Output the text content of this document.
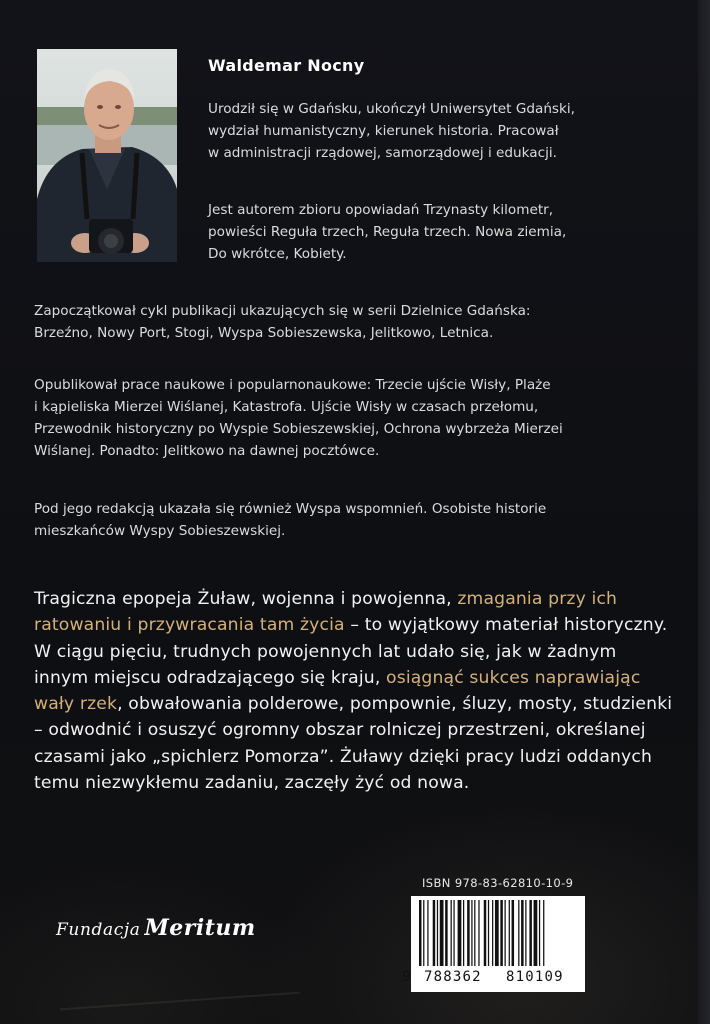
Waldemar Nocny

Urodził się w Gdańsku, ukończył Uniwersytet Gdański,
wydział humanistyczny, kierunek historia. Pracował
w administracji rządowej, samorządowej i edukacji.

Jest autorem zbioru opowiadań Trzynasty kilometr,
powieści Reguła trzech, Reguła trzech. Nowa ziemia,
Do wkrótce, Kobiety.

Zapoczątkował cykl publikacji ukazujących się w serii Dzielnice Gdańska:
Brzeźno, Nowy Port, Stogi, Wyspa Sobieszewska, Jelitkowo, Letnica.

Opublikował prace naukowe i popularnonaukowe: Trzecie ujście Wisły, Plaże
i kąpieliska Mierzei Wiślanej, Katastrofa. Ujście Wisły w czasach przełomu,
Przewodnik historyczny po Wyspie Sobieszewskiej, Ochrona wybrzeża Mierzei
Wiślanej. Ponadto: Jelitkowo na dawnej pocztówce.

Pod jego redakcją ukazała się również Wyspa wspomnień. Osobiste historie
mieszkańców Wyspy Sobieszewskiej.

Tragiczna epopeja Żuław, wojenna i powojenna, zmagania przy ich ratowaniu i przywracania tam życia – to wyjątkowy materiał historyczny. W ciągu pięciu, trudnych powojennych lat udało się, jak w żadnym innym miejscu odradzającego się kraju, osiągnąć sukces naprawiając wały rzek, obwałowania polderowe, pompownie, śluzy, mosty, studzienki – odwodnić i osuszyć ogromny obszar rolniczej przestrzeni, określanej czasami jako „spichlerz Pomorza”. Żuławy dzięki pracy ludzi oddanych temu niezwykłemu zadaniu, zaczęły żyć od nowa.

Fundacja Meritum
ISBN 978-83-62810-10-9
9 788362 810109
